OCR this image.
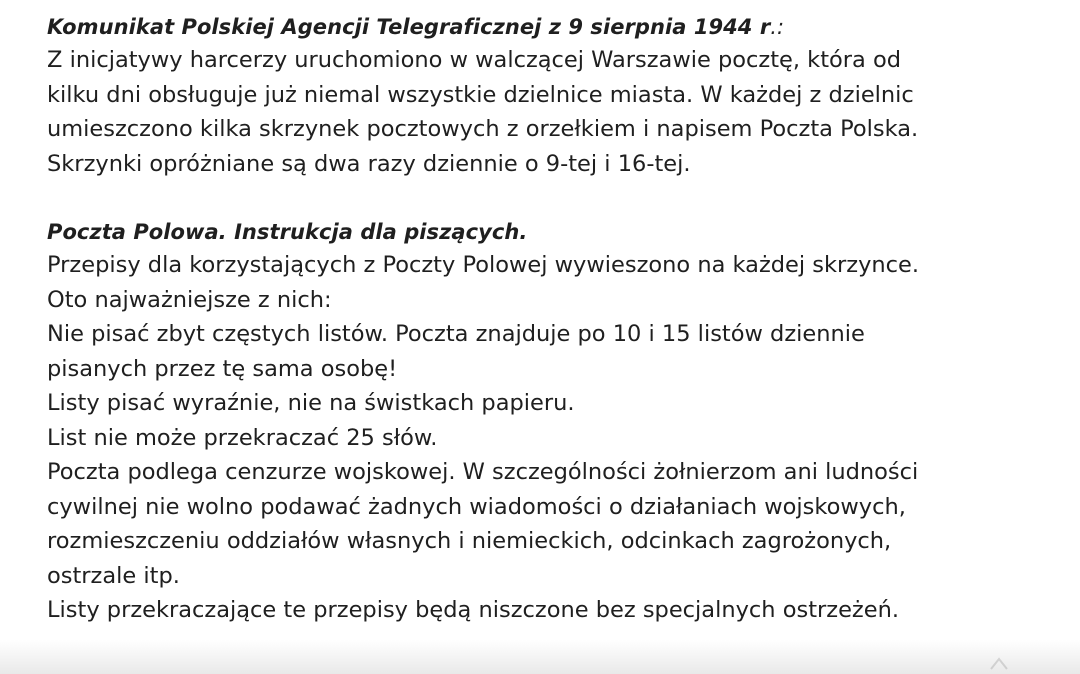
Komunikat Polskiej Agencji Telegraficznej z 9 sierpnia 1944 r.:
Z inicjatywy harcerzy uruchomiono w walczącej Warszawie pocztę, która od
kilku dni obsługuje już niemal wszystkie dzielnice miasta. W każdej z dzielnic
umieszczono kilka skrzynek pocztowych z orzełkiem i napisem Poczta Polska.
Skrzynki opróżniane są dwa razy dziennie o 9-tej i 16-tej.
Poczta Polowa. Instrukcja dla piszących.
Przepisy dla korzystających z Poczty Polowej wywieszono na każdej skrzynce.
Oto najważniejsze z nich:
Nie pisać zbyt częstych listów. Poczta znajduje po 10 i 15 listów dziennie
pisanych przez tę sama osobę!
Listy pisać wyraźnie, nie na świstkach papieru.
List nie może przekraczać 25 słów.
Poczta podlega cenzurze wojskowej. W szczególności żołnierzom ani ludności
cywilnej nie wolno podawać żadnych wiadomości o działaniach wojskowych,
rozmieszczeniu oddziałów własnych i niemieckich, odcinkach zagrożonych,
ostrzale itp.
Listy przekraczające te przepisy będą niszczone bez specjalnych ostrzeżeń.
